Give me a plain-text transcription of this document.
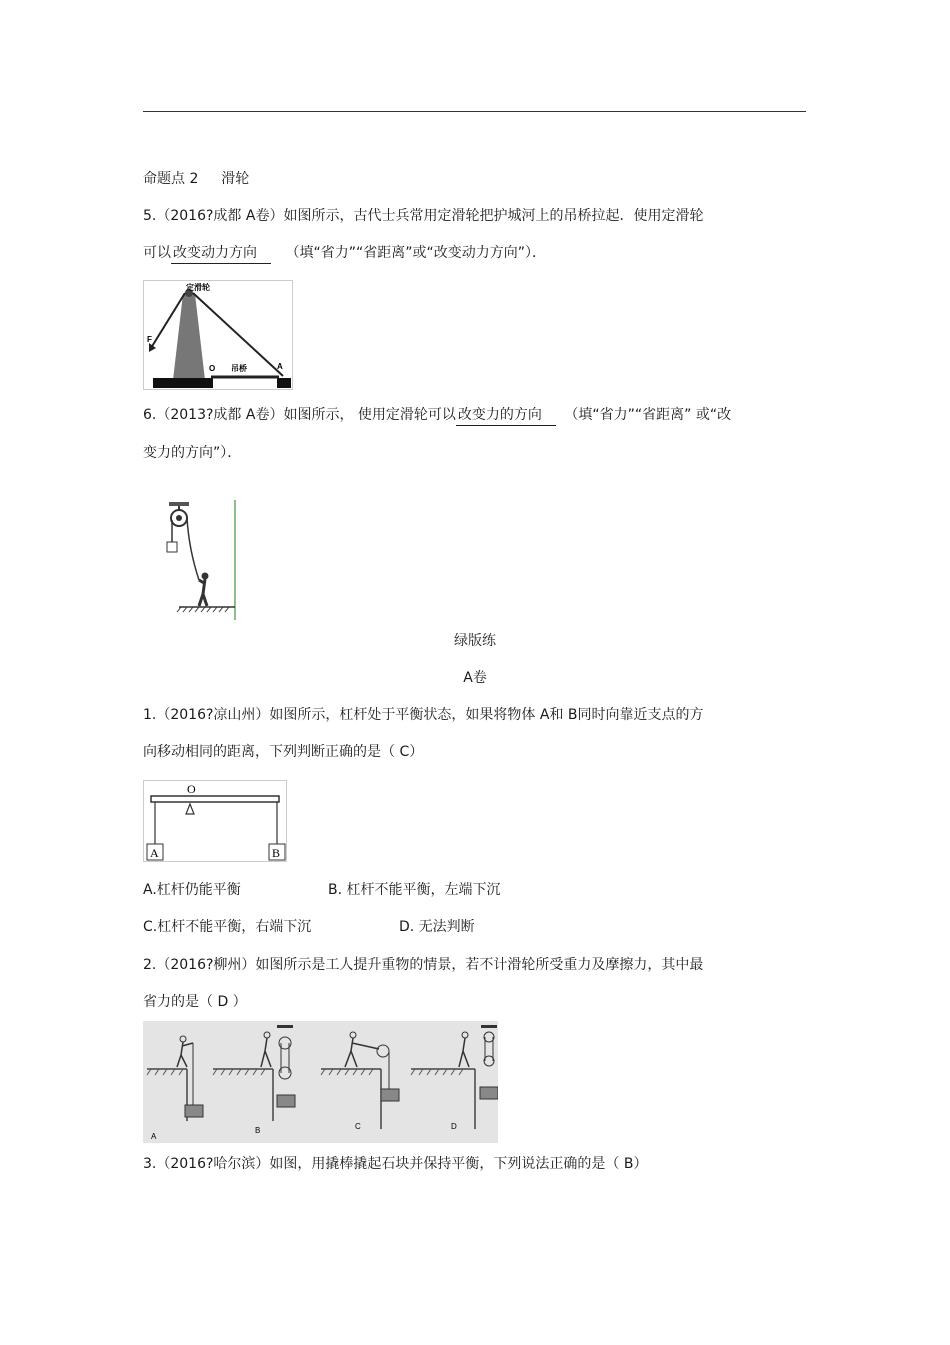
命题点 2 滑轮
5.（2016?成都 A卷）如图所示，古代士兵常用定滑轮把护城河上的吊桥拉起．使用定滑轮
可以 改变动力方向 （填“省力”“省距离”或“改变动力方向”）．
定滑轮
F
O 吊桥	A
6.（2013?成都 A卷）如图所示， 使用定滑轮可以 改变力的方向 （填“省力”“省距离” 或“改
变力的方向”）．
绿版练
A卷
1.（2016?凉山州）如图所示，杠杆处于平衡状态，如果将物体 A和 B同时向靠近支点的方
向移动相同的距离，下列判断正确的是（ C）
O
A	B
A.杠杆仍能平衡	B. 杠杆不能平衡，左端下沉
C.杠杆不能平衡，右端下沉	D. 无法判断
2.（2016?柳州）如图所示是工人提升重物的情景，若不计滑轮所受重力及摩擦力，其中最
省力的是（ D ）
A
B	C	D
3.（2016?哈尔滨）如图，用撬棒撬起石块并保持平衡，下列说法正确的是（ B）
